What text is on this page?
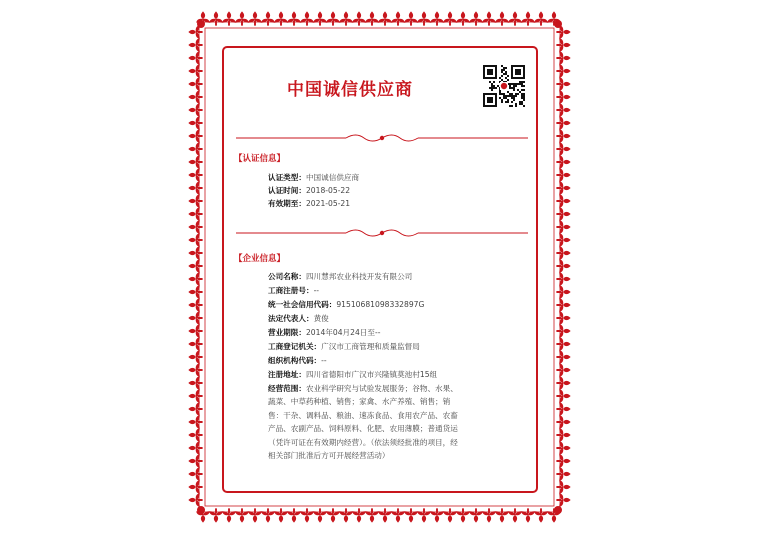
中国诚信供应商
【认证信息】
认证类型： 中国诚信供应商
认证时间： 2018-05-22
有效期至： 2021-05-21
【企业信息】
公司名称： 四川慧邦农业科技开发有限公司
工商注册号： --
统一社会信用代码： 91510681098332897G
法定代表人： 黄俊
营业期限： 2014年04月24日至--
工商登记机关： 广汉市工商管理和质量监督局
组织机构代码： --
注册地址： 四川省德阳市广汉市兴隆镇莫池村15组
经营范围：农业科学研究与试验发展服务；谷物、水果、蔬菜、中草药种植、销售；家禽、水产养殖、销售；销售：干杂、调料品、粮油、速冻食品、食用农产品、农畜产品、农副产品、饲料原料、化肥、农用薄膜；普通货运（凭许可证在有效期内经营）。（依法须经批准的项目，经相关部门批准后方可开展经营活动）
